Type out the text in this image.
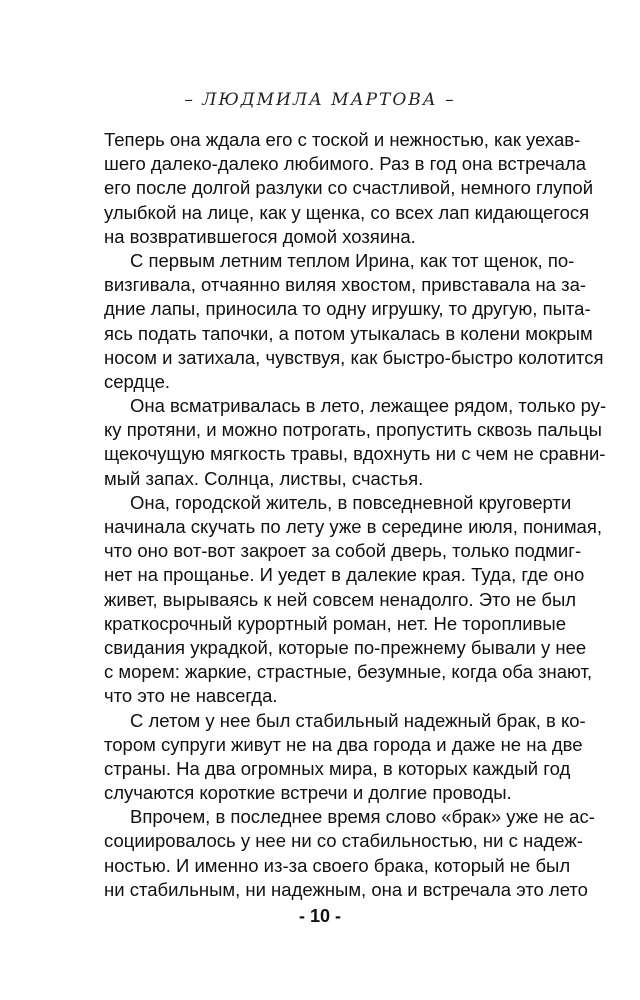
– ЛЮДМИЛА МАРТОВА –
Теперь она ждала его с тоской и нежностью, как уехав-
шего далеко-далеко любимого. Раз в год она встречала
его после долгой разлуки со счастливой, немного глупой
улыбкой на лице, как у щенка, со всех лап кидающегося
на возвратившегося домой хозяина.
С первым летним теплом Ирина, как тот щенок, по-
визгивала, отчаянно виляя хвостом, привставала на за-
дние лапы, приносила то одну игрушку, то другую, пыта-
ясь подать тапочки, а потом утыкалась в колени мокрым
носом и затихала, чувствуя, как быстро-быстро колотится
сердце.
Она всматривалась в лето, лежащее рядом, только ру-
ку протяни, и можно потрогать, пропустить сквозь пальцы
щекочущую мягкость травы, вдохнуть ни с чем не сравни-
мый запах. Солнца, листвы, счастья.
Она, городской житель, в повседневной круговерти
начинала скучать по лету уже в середине июля, понимая,
что оно вот-вот закроет за собой дверь, только подмиг-
нет на прощанье. И уедет в далекие края. Туда, где оно
живет, вырываясь к ней совсем ненадолго. Это не был
краткосрочный курортный роман, нет. Не торопливые
свидания украдкой, которые по-прежнему бывали у нее
с морем: жаркие, страстные, безумные, когда оба знают,
что это не навсегда.
С летом у нее был стабильный надежный брак, в ко-
тором супруги живут не на два города и даже не на две
страны. На два огромных мира, в которых каждый год
случаются короткие встречи и долгие проводы.
Впрочем, в последнее время слово «брак» уже не ас-
социировалось у нее ни со стабильностью, ни с надеж-
ностью. И именно из-за своего брака, который не был
ни стабильным, ни надежным, она и встречала это лето
- 10 -
